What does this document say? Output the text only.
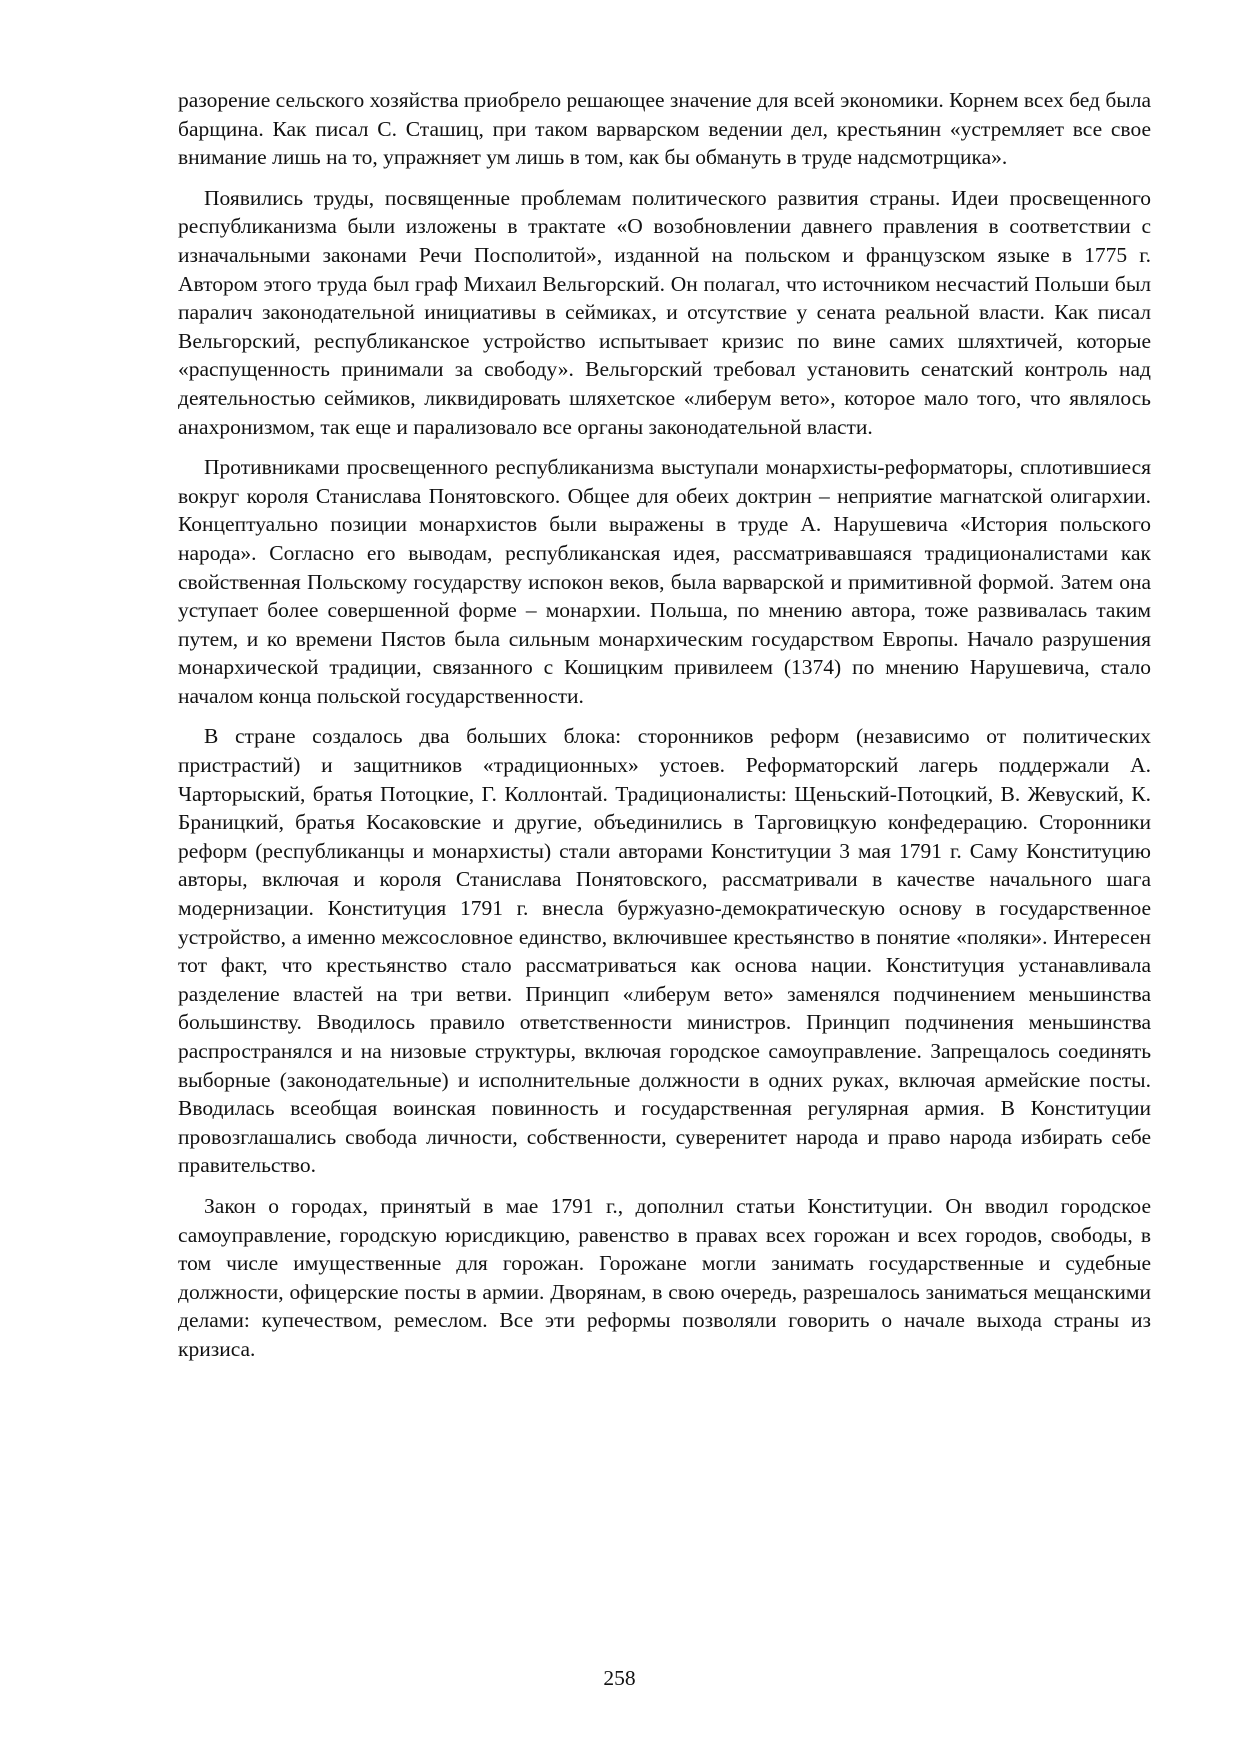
разорение сельского хозяйства приобрело решающее значение для всей экономики. Корнем всех бед была барщина. Как писал С. Сташиц, при таком варварском ведении дел, крестьянин «устремляет все свое внимание лишь на то, упражняет ум лишь в том, как бы обмануть в труде надсмотрщика».

Появились труды, посвященные проблемам политического развития страны. Идеи просвещенного республиканизма были изложены в трактате «О возобновлении давнего правления в соответствии с изначальными законами Речи Посполитой», изданной на польском и французском языке в 1775 г. Автором этого труда был граф Михаил Вельгорский. Он полагал, что источником несчастий Польши был паралич законодательной инициативы в сеймиках, и отсутствие у сената реальной власти. Как писал Вельгорский, республиканское устройство испытывает кризис по вине самих шляхтичей, которые «распущенность принимали за свободу». Вельгорский требовал установить сенатский контроль над деятельностью сеймиков, ликвидировать шляхетское «либерум вето», которое мало того, что являлось анахронизмом, так еще и парализовало все органы законодательной власти.

Противниками просвещенного республиканизма выступали монархисты-реформаторы, сплотившиеся вокруг короля Станислава Понятовского. Общее для обеих доктрин – неприятие магнатской олигархии. Концептуально позиции монархистов были выражены в труде А. Нарушевича «История польского народа». Согласно его выводам, республиканская идея, рассматривавшаяся традиционалистами как свойственная Польскому государству испокон веков, была варварской и примитивной формой. Затем она уступает более совершенной форме – монархии. Польша, по мнению автора, тоже развивалась таким путем, и ко времени Пястов была сильным монархическим государством Европы. Начало разрушения монархической традиции, связанного с Кошицким привилеем (1374) по мнению Нарушевича, стало началом конца польской государственности.

В стране создалось два больших блока: сторонников реформ (независимо от политических пристрастий) и защитников «традиционных» устоев. Реформаторский лагерь поддержали А. Чарторыский, братья Потоцкие, Г. Коллонтай. Традиционалисты: Щеньский-Потоцкий, В. Жевуский, К. Браницкий, братья Косаковские и другие, объединились в Тарговицкую конфедерацию. Сторонники реформ (республиканцы и монархисты) стали авторами Конституции 3 мая 1791 г. Саму Конституцию авторы, включая и короля Станислава Понятовского, рассматривали в качестве начального шага модернизации. Конституция 1791 г. внесла буржуазно-демократическую основу в государственное устройство, а именно межсословное единство, включившее крестьянство в понятие «поляки». Интересен тот факт, что крестьянство стало рассматриваться как основа нации. Конституция устанавливала разделение властей на три ветви. Принцип «либерум вето» заменялся подчинением меньшинства большинству. Вводилось правило ответственности министров. Принцип подчинения меньшинства распространялся и на низовые структуры, включая городское самоуправление. Запрещалось соединять выборные (законодательные) и исполнительные должности в одних руках, включая армейские посты. Вводилась всеобщая воинская повинность и государственная регулярная армия. В Конституции провозглашались свобода личности, собственности, суверенитет народа и право народа избирать себе правительство.

Закон о городах, принятый в мае 1791 г., дополнил статьи Конституции. Он вводил городское самоуправление, городскую юрисдикцию, равенство в правах всех горожан и всех городов, свободы, в том числе имущественные для горожан. Горожане могли занимать государственные и судебные должности, офицерские посты в армии. Дворянам, в свою очередь, разрешалось заниматься мещанскими делами: купечеством, ремеслом. Все эти реформы позволяли говорить о начале выхода страны из кризиса.

258
